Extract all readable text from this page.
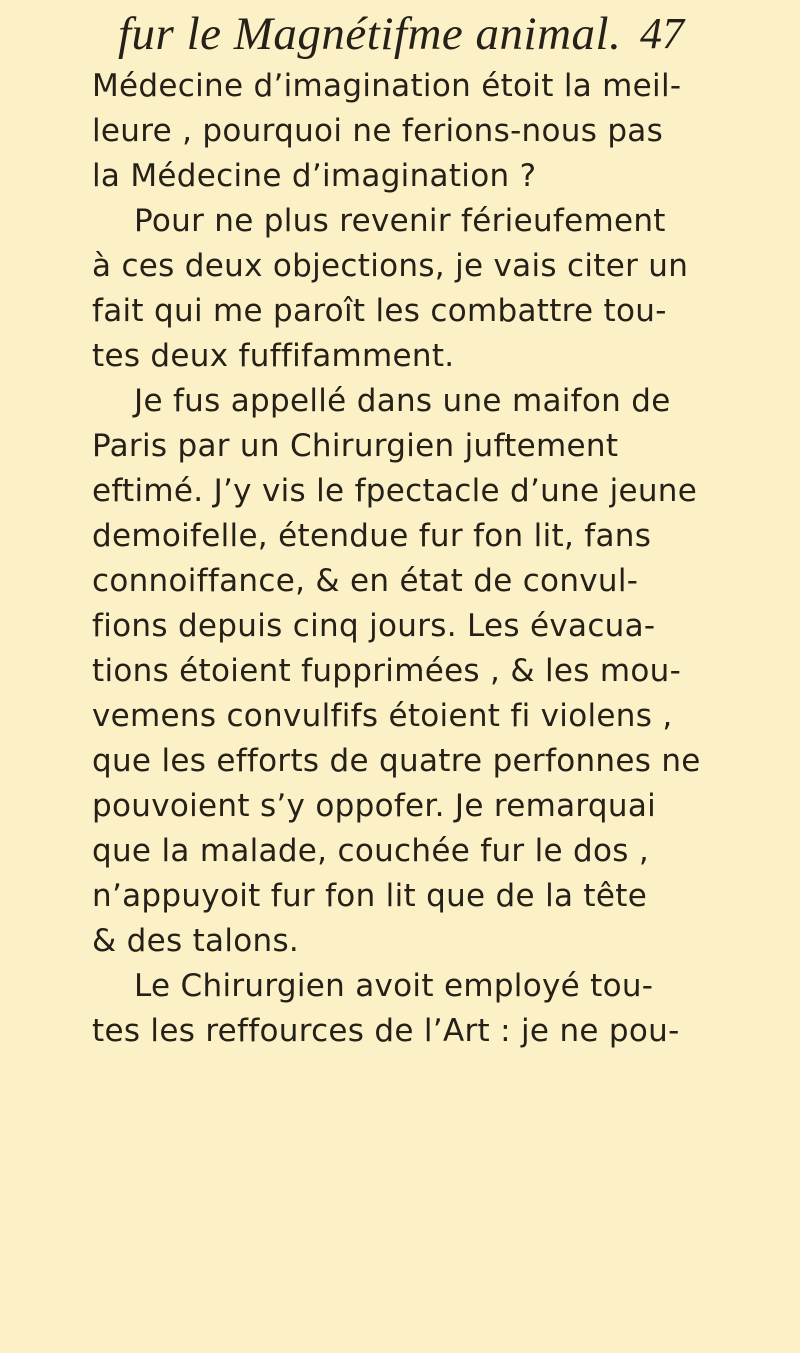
fur le Magnétifme animal. 47
Médecine d’imagination étoit la meil-
leure , pourquoi ne ferions-nous pas
la Médecine d’imagination ?
Pour ne plus revenir férieufement
à ces deux objections, je vais citer un
fait qui me paroît les combattre tou-
tes deux fuffifamment.
Je fus appellé dans une maifon de
Paris par un Chirurgien juftement
eftimé. J’y vis le fpectacle d’une jeune
demoifelle, étendue fur fon lit, fans
connoiffance, & en état de convul-
fions depuis cinq jours. Les évacua-
tions étoient fupprimées , & les mou-
vemens convulfifs étoient fi violens ,
que les efforts de quatre perfonnes ne
pouvoient s’y oppofer. Je remarquai
que la malade, couchée fur le dos ,
n’appuyoit fur fon lit que de la tête
& des talons.
Le Chirurgien avoit employé tou-
tes les reffources de l’Art : je ne pou-
